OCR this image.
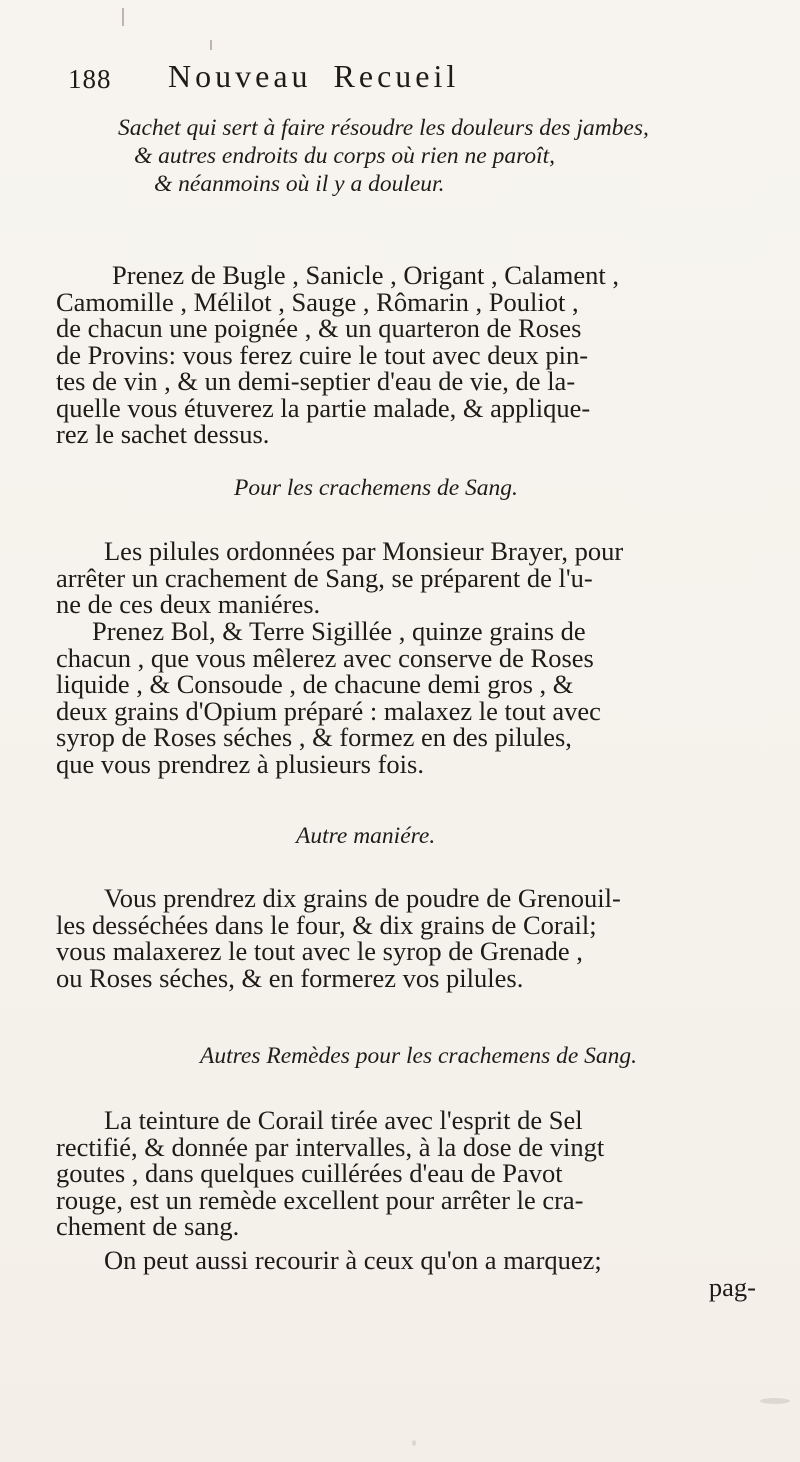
188 Nouveau Recueil
Sachet qui sert à faire résoudre les douleurs des jambes,
& autres endroits du corps où rien ne paroît,
& néanmoins où il y a douleur.
Prenez de Bugle , Sanicle , Origant , Calament ,
Camomille , Mélilot , Sauge , Rômarin , Pouliot ,
de chacun une poignée , & un quarteron de Roses
de Provins: vous ferez cuire le tout avec deux pin-
tes de vin , & un demi-septier d'eau de vie, de la-
quelle vous étuverez la partie malade, & applique-
rez le sachet dessus.
Pour les crachemens de Sang.
Les pilules ordonnées par Monsieur Brayer, pour
arrêter un crachement de Sang, se préparent de l'u-
ne de ces deux maniéres.
Prenez Bol, & Terre Sigillée , quinze grains de
chacun , que vous mêlerez avec conserve de Roses
liquide , & Consoude , de chacune demi gros , &
deux grains d'Opium préparé : malaxez le tout avec
syrop de Roses séches , & formez en des pilules,
que vous prendrez à plusieurs fois.
Autre maniére.
Vous prendrez dix grains de poudre de Grenouil-
les desséchées dans le four, & dix grains de Corail;
vous malaxerez le tout avec le syrop de Grenade ,
ou Roses séches, & en formerez vos pilules.
Autres Remèdes pour les crachemens de Sang.
La teinture de Corail tirée avec l'esprit de Sel
rectifié, & donnée par intervalles, à la dose de vingt
goutes , dans quelques cuillérées d'eau de Pavot
rouge, est un remède excellent pour arrêter le cra-
chement de sang.
On peut aussi recourir à ceux qu'on a marquez;
pag-
